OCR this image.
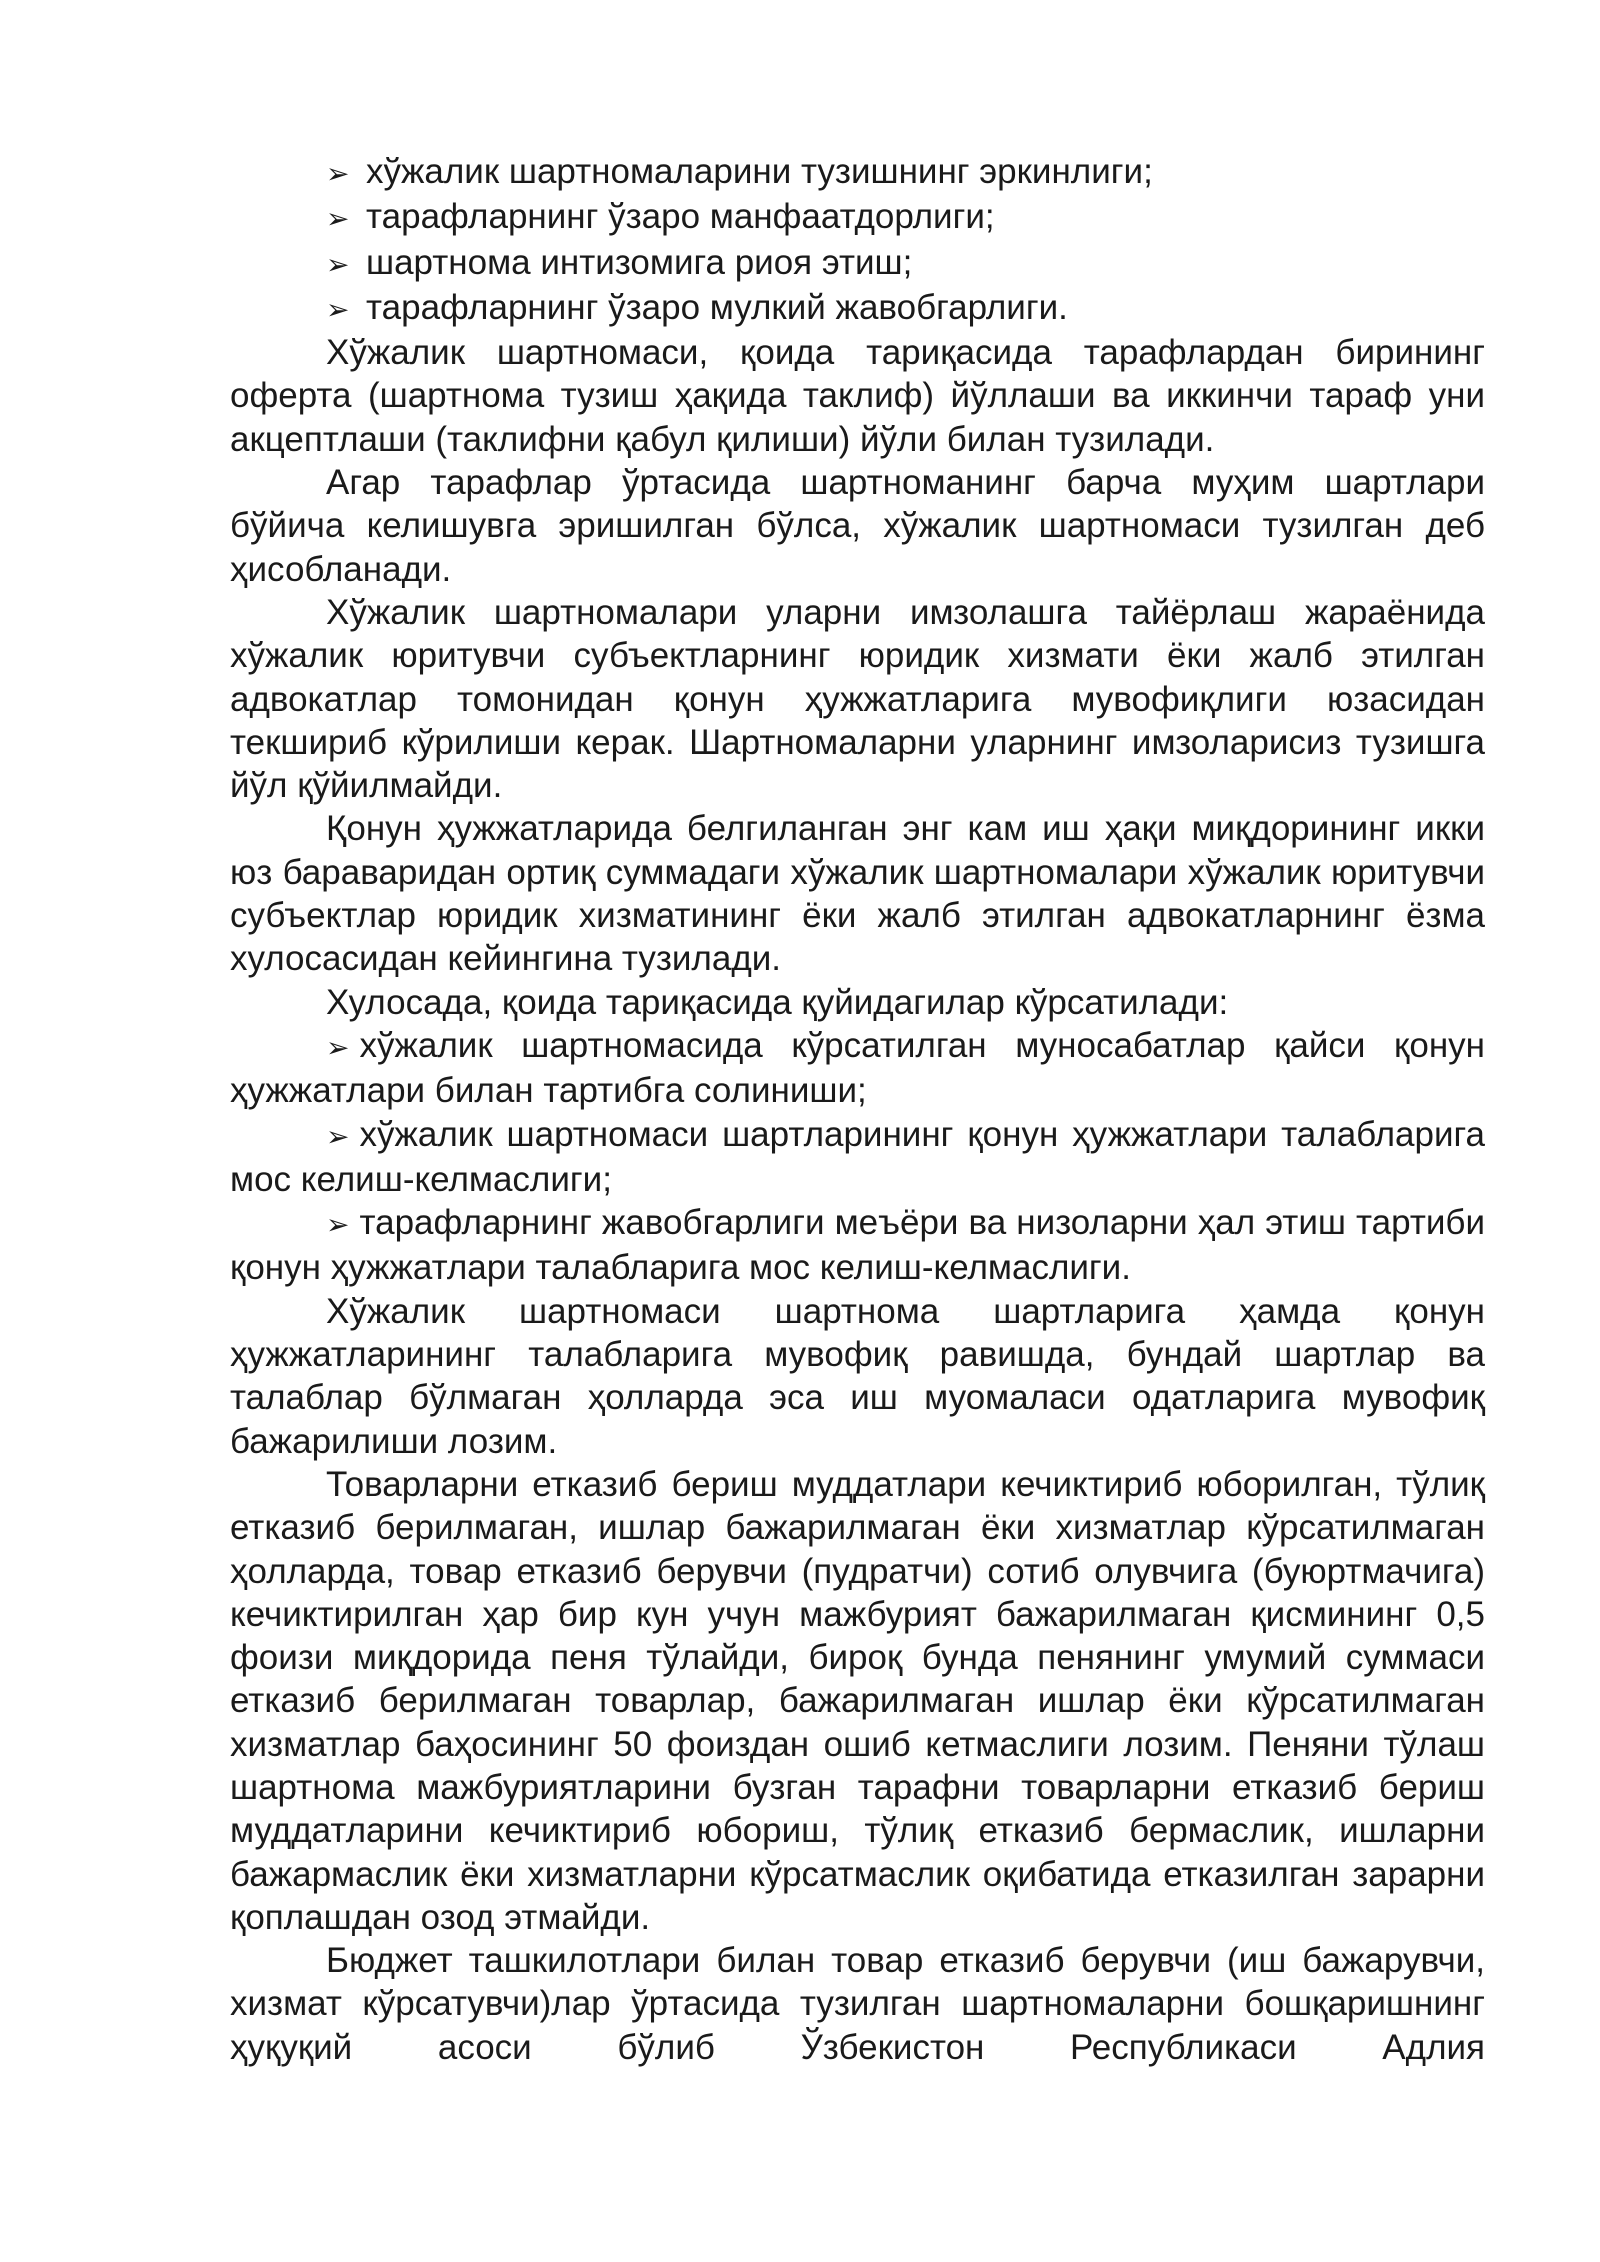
➢ хўжалик шартномаларини тузишнинг эркинлиги;
➢ тарафларнинг ўзаро манфаатдорлиги;
➢ шартнома интизомига риоя этиш;
➢ тарафларнинг ўзаро мулкий жавобгарлиги.

Хўжалик шартномаси, қоида тариқасида тарафлардан бирининг оферта (шартнома тузиш ҳақида таклиф) йўллаши ва иккинчи тараф уни акцептлаши (таклифни қабул қилиши) йўли билан тузилади.

Агар тарафлар ўртасида шартноманинг барча муҳим шартлари бўйича келишувга эришилган бўлса, хўжалик шартномаси тузилган деб ҳисобланади.

Хўжалик шартномалари уларни имзолашга тайёрлаш жараёнида хўжалик юритувчи субъектларнинг юридик хизмати ёки жалб этилган адвокатлар томонидан қонун ҳужжатларига мувофиқлиги юзасидан текшириб кўрилиши керак. Шартномаларни уларнинг имзоларисиз тузишга йўл қўйилмайди.

Қонун ҳужжатларида белгиланган энг кам иш ҳақи миқдорининг икки юз бараваридан ортиқ суммадаги хўжалик шартномалари хўжалик юритувчи субъектлар юридик хизматининг ёки жалб этилган адвокатларнинг ёзма хулосасидан кейингина тузилади.

Хулосада, қоида тариқасида қуйидагилар кўрсатилади:

➢ хўжалик шартномасида кўрсатилган муносабатлар қайси қонун ҳужжатлари билан тартибга солиниши;

➢ хўжалик шартномаси шартларининг қонун ҳужжатлари талабларига мос келиш-келмаслиги;

➢ тарафларнинг жавобгарлиги меъёри ва низоларни ҳал этиш тартиби қонун ҳужжатлари талабларига мос келиш-келмаслиги.

Хўжалик шартномаси шартнома шартларига ҳамда қонун ҳужжатларининг талабларига мувофиқ равишда, бундай шартлар ва талаблар бўлмаган ҳолларда эса иш муомаласи одатларига мувофиқ бажарилиши лозим.

Товарларни етказиб бериш муддатлари кечиктириб юборилган, тўлиқ етказиб берилмаган, ишлар бажарилмаган ёки хизматлар кўрсатилмаган ҳолларда, товар етказиб берувчи (пудратчи) сотиб олувчига (буюртмачига) кечиктирилган ҳар бир кун учун мажбурият бажарилмаган қисмининг 0,5 фоизи миқдорида пеня тўлайди, бироқ бунда пенянинг умумий суммаси етказиб берилмаган товарлар, бажарилмаган ишлар ёки кўрсатилмаган хизматлар баҳосининг 50 фоиздан ошиб кетмаслиги лозим. Пеняни тўлаш шартнома мажбуриятларини бузган тарафни товарларни етказиб бериш муддатларини кечиктириб юбориш, тўлиқ етказиб бермаслик, ишларни бажармаслик ёки хизматларни кўрсатмаслик оқибатида етказилган зарарни қоплашдан озод этмайди.

Бюджет ташкилотлари билан товар етказиб берувчи (иш бажарувчи, хизмат кўрсатувчи)лар ўртасида тузилган шартномаларни бошқаришнинг ҳуқуқий асоси бўлиб Ўзбекистон Республикаси Адлия
